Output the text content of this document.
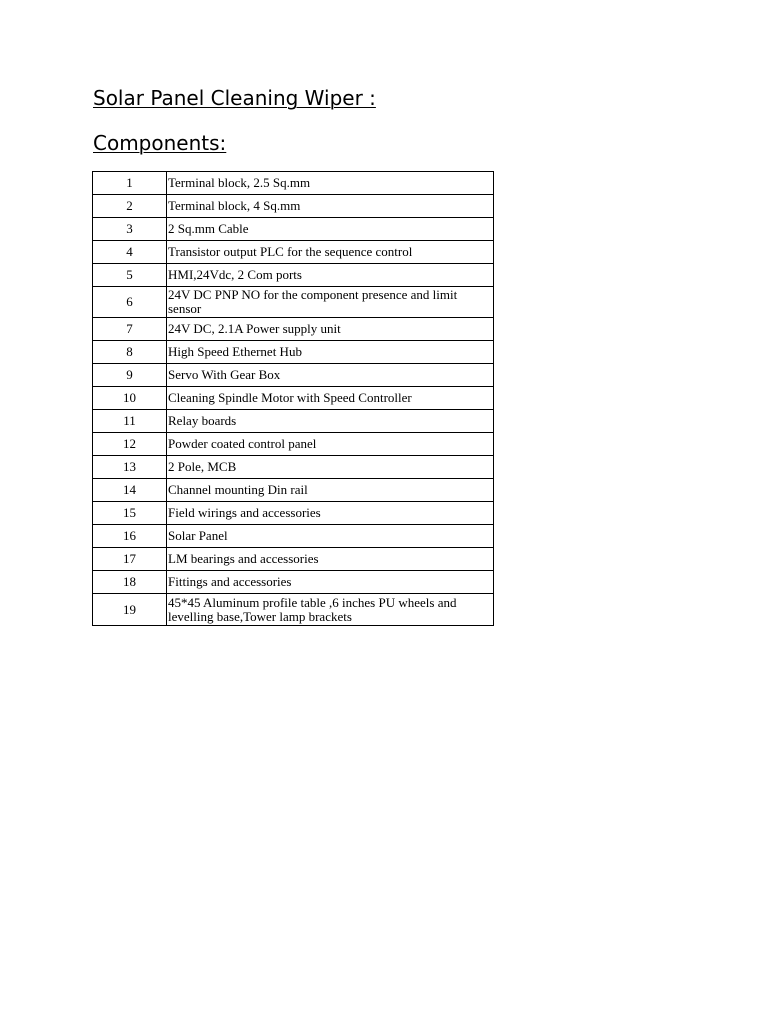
Solar Panel Cleaning Wiper :
Components:
1	Terminal block, 2.5 Sq.mm
2	Terminal block, 4 Sq.mm
3	2 Sq.mm Cable
4	Transistor output PLC for the sequence control
5	HMI,24Vdc, 2 Com ports
6	24V DC PNP NO for the component presence and limit sensor
7	24V DC, 2.1A Power supply unit
8	High Speed Ethernet Hub
9	Servo With Gear Box
10	Cleaning Spindle Motor with Speed Controller
11	Relay boards
12	Powder coated control panel
13	2 Pole, MCB
14	Channel mounting Din rail
15	Field wirings and accessories
16	Solar Panel
17	LM bearings and accessories
18	Fittings and accessories
19	45*45 Aluminum profile table ,6 inches PU wheels and levelling base,Tower lamp brackets
